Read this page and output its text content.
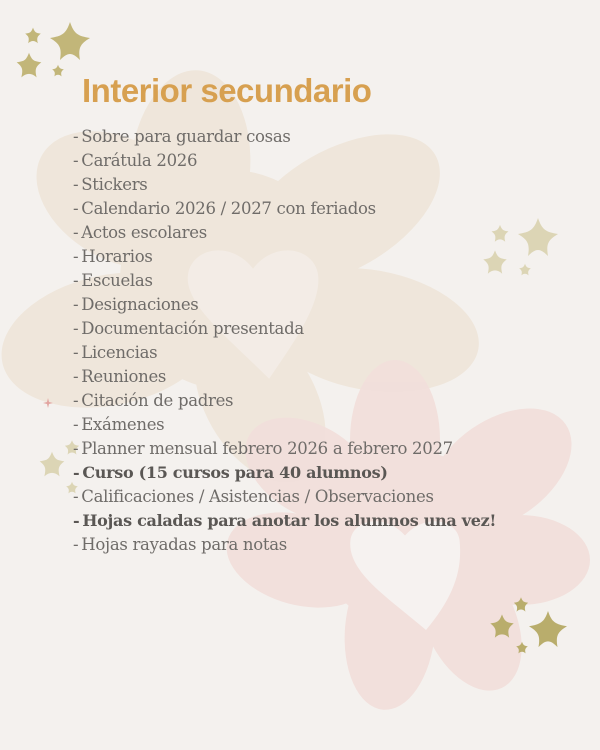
Interior secundario
- Sobre para guardar cosas
- Carátula 2026
- Stickers
- Calendario 2026 / 2027 con feriados
- Actos escolares
- Horarios
- Escuelas
- Designaciones
- Documentación presentada
- Licencias
- Reuniones
- Citación de padres
- Exámenes
- Planner mensual febrero 2026 a febrero 2027
- Curso (15 cursos para 40 alumnos)
- Calificaciones / Asistencias / Observaciones
- Hojas caladas para anotar los alumnos una vez!
- Hojas rayadas para notas
